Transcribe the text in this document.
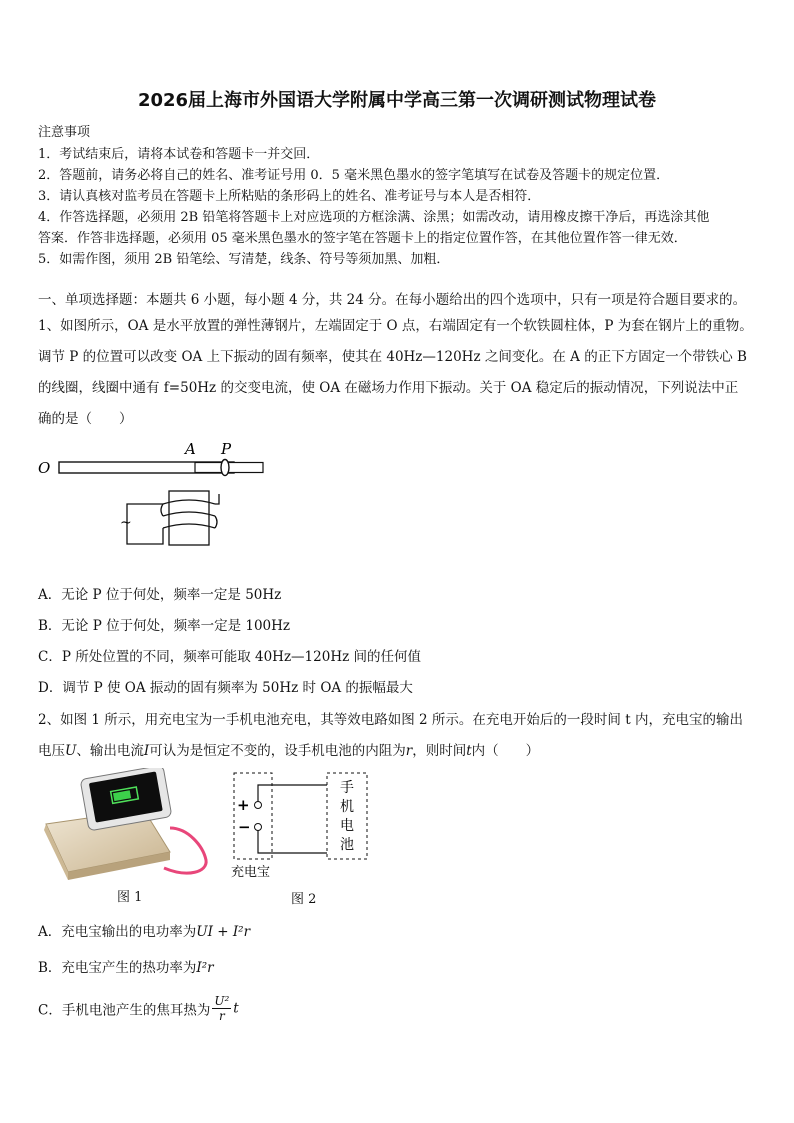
2026届上海市外国语大学附属中学高三第一次调研测试物理试卷
注意事项
1．考试结束后，请将本试卷和答题卡一并交回．
2．答题前，请务必将自己的姓名、准考证号用 0．5 毫米黑色墨水的签字笔填写在试卷及答题卡的规定位置．
3．请认真核对监考员在答题卡上所粘贴的条形码上的姓名、准考证号与本人是否相符．
4．作答选择题，必须用 2B 铅笔将答题卡上对应选项的方框涂满、涂黑；如需改动，请用橡皮擦干净后，再选涂其他
答案．作答非选择题，必须用 05 毫米黑色墨水的签字笔在答题卡上的指定位置作答，在其他位置作答一律无效．
5．如需作图，须用 2B 铅笔绘、写清楚，线条、符号等须加黑、加粗．
一、单项选择题：本题共 6 小题，每小题 4 分，共 24 分。在每小题给出的四个选项中，只有一项是符合题目要求的。
1、如图所示，OA 是水平放置的弹性薄钢片，左端固定于 O 点，右端固定有一个软铁圆柱体，P 为套在钢片上的重物。
调节 P 的位置可以改变 OA 上下振动的固有频率，使其在 40Hz—120Hz 之间变化。在 A 的正下方固定一个带铁心 B
的线圈，线圈中通有 f=50Hz 的交变电流，使 OA 在磁场力作用下振动。关于 OA 稳定后的振动情况，下列说法中正
确的是（　　）
O
A P
~
A．无论 P 位于何处，频率一定是 50Hz
B．无论 P 位于何处，频率一定是 100Hz
C．P 所处位置的不同，频率可能取 40Hz—120Hz 间的任何值
D．调节 P 使 OA 振动的固有频率为 50Hz 时 OA 的振幅最大
2、如图 1 所示，用充电宝为一手机电池充电，其等效电路如图 2 所示。在充电开始后的一段时间 t 内，充电宝的输出
电压U、输出电流I可认为是恒定不变的，设手机电池的内阻为r，则时间t内（　　）
+
−
手
机
电
池
充电宝
图 1	图 2
A．充电宝输出的电功率为UI + I²r
B．充电宝产生的热功率为I²r
C．手机电池产生的焦耳热为 $\frac{\text{U²}}{r}$ t
